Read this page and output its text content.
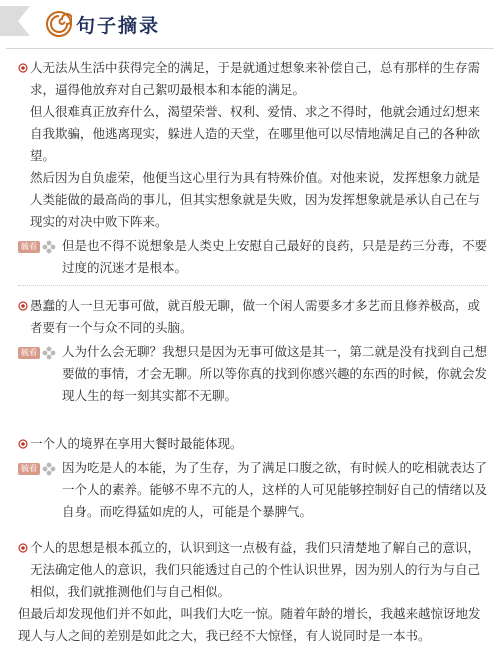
句子摘录

人无法从生活中获得完全的满足，于是就通过想象来补偿自己，总有那样的生存需求，逼得他放弃对自己絮叨最根本和本能的满足。

但人很难真正放弃什么，渴望荣誉、权利、爱情、求之不得时，他就会通过幻想来自我欺骗，他逃离现实，躲进人造的天堂，在哪里他可以尽情地满足自己的各种欲望。

然后因为自负虚荣，他便当这心里行为具有特殊价值。对他来说，发挥想象力就是人类能做的最高尚的事儿，但其实想象就是失败，因为发挥想象就是承认自己在与现实的对决中败下阵来。

毓看 但是也不得不说想象是人类史上安慰自己最好的良药，只是是药三分毒，不要过度的沉迷才是根本。

愚蠢的人一旦无事可做，就百般无聊，做一个闲人需要多才多艺而且修养极高，或者要有一个与众不同的头脑。

毓看 人为什么会无聊？我想只是因为无事可做这是其一，第二就是没有找到自己想要做的事情，才会无聊。所以等你真的找到你感兴趣的东西的时候，你就会发现人生的每一刻其实都不无聊。

一个人的境界在享用大餐时最能体现。

毓看 因为吃是人的本能，为了生存，为了满足口腹之欲，有时候人的吃相就表达了一个人的素养。能够不卑不亢的人，这样的人可见能够控制好自己的情绪以及自身。而吃得猛如虎的人，可能是个暴脾气。

个人的思想是根本孤立的，认识到这一点极有益，我们只清楚地了解自己的意识，无法确定他人的意识，我们只能透过自己的个性认识世界，因为别人的行为与自己相似，我们就推测他们与自己相似。

但最后却发现他们并不如此，叫我们大吃一惊。随着年龄的增长，我越来越惊讶地发现人与人之间的差别是如此之大，我已经不大惊怪，有人说同时是一本书。
